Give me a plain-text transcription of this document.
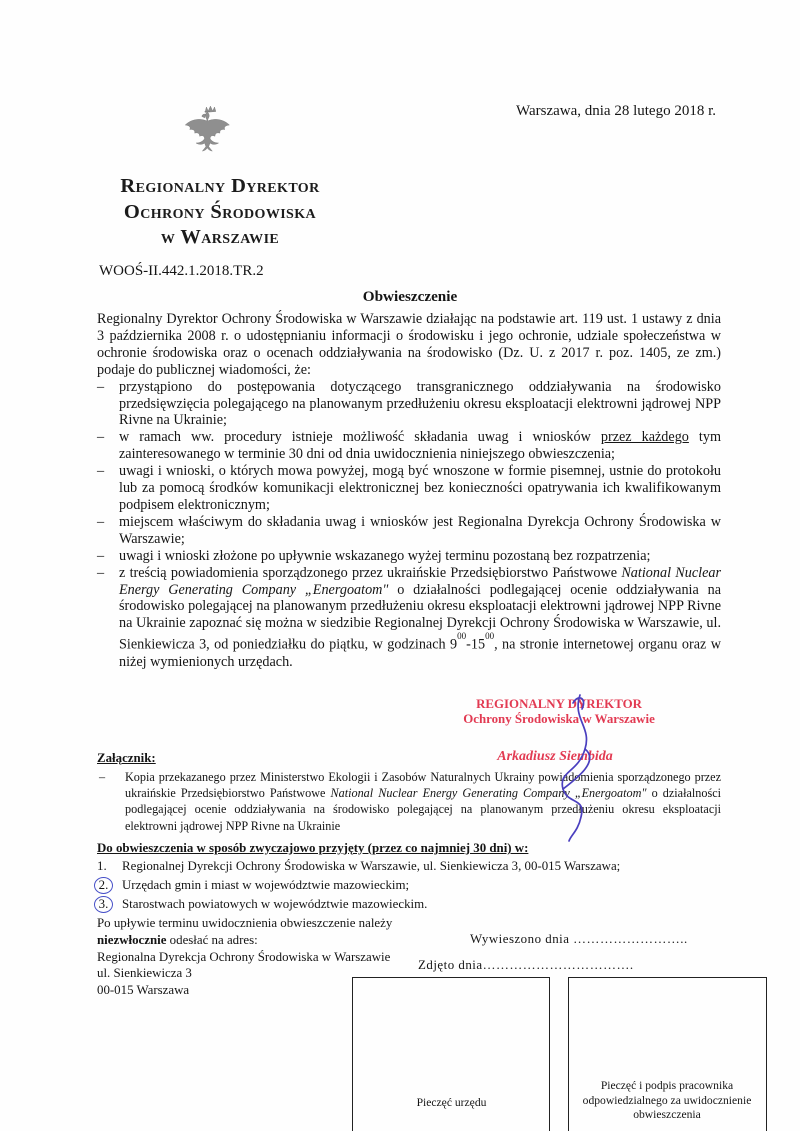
Warszawa, dnia 28 lutego 2018 r.
Regionalny Dyrektor
Ochrony Środowiska
w Warszawie
WOOŚ-II.442.1.2018.TR.2
Obwieszczenie

Regionalny Dyrektor Ochrony Środowiska w Warszawie działając na podstawie art. 119 ust. 1 ustawy z dnia 3 października 2008 r. o udostępnianiu informacji o środowisku i jego ochronie, udziale społeczeństwa w ochronie środowiska oraz o ocenach oddziaływania na środowisko (Dz. U. z 2017 r. poz. 1405, ze zm.) podaje do publicznej wiadomości, że:

– przystąpiono do postępowania dotyczącego transgranicznego oddziaływania na środowisko przedsięwzięcia polegającego na planowanym przedłużeniu okresu eksploatacji elektrowni jądrowej NPP Rivne na Ukrainie;
– w ramach ww. procedury istnieje możliwość składania uwag i wniosków przez każdego tym zainteresowanego w terminie 30 dni od dnia uwidocznienia niniejszego obwieszczenia;
– uwagi i wnioski, o których mowa powyżej, mogą być wnoszone w formie pisemnej, ustnie do protokołu lub za pomocą środków komunikacji elektronicznej bez konieczności opatrywania ich kwalifikowanym podpisem elektronicznym;
– miejscem właściwym do składania uwag i wniosków jest Regionalna Dyrekcja Ochrony Środowiska w Warszawie;
– uwagi i wnioski złożone po upływnie wskazanego wyżej terminu pozostaną bez rozpatrzenia;
– z treścią powiadomienia sporządzonego przez ukraińskie Przedsiębiorstwo Państwowe National Nuclear Energy Generating Company „Energoatom" o działalności podlegającej ocenie oddziaływania na środowisko polegającej na planowanym przedłużeniu okresu eksploatacji elektrowni jądrowej NPP Rivne na Ukrainie zapoznać się można w siedzibie Regionalnej Dyrekcji Ochrony Środowiska w Warszawie, ul. Sienkiewicza 3, od poniedziałku do piątku, w godzinach $9^{00}-15^{00}$, na stronie internetowej organu oraz w niżej wymienionych urzędach.
REGIONALNY DYREKTOR
Ochrony Środowiska w Warszawie
Arkadiusz Siembida
Załącznik:
– Kopia przekazanego przez Ministerstwo Ekologii i Zasobów Naturalnych Ukrainy powiadomienia sporządzonego przez ukraińskie Przedsiębiorstwo Państwowe National Nuclear Energy Generating Company „Energoatom" o działalności podlegającej ocenie oddziaływania na środowisko polegającej na planowanym przedłużeniu okresu eksploatacji elektrowni jądrowej NPP Rivne na Ukrainie
Do obwieszczenia w sposób zwyczajowo przyjęty (przez co najmniej 30 dni) w:
1.	Regionalnej Dyrekcji Ochrony Środowiska w Warszawie, ul. Sienkiewicza 3, 00-015 Warszawa;
2.	Urzędach gmin i miast w województwie mazowieckim;
3.	Starostwach powiatowych w województwie mazowieckim.
Po upływie terminu uwidocznienia obwieszczenie należy
niezwłocznie odesłać na adres:
Regionalna Dyrekcja Ochrony Środowiska w Warszawie
ul. Sienkiewicza 3
00-015 Warszawa
Wywieszono dnia ……………………..
Zdjęto dnia…………………………….
Pieczęć urzędu
Pieczęć i podpis pracownika odpowiedzialnego za uwidocznienie obwieszczenia
